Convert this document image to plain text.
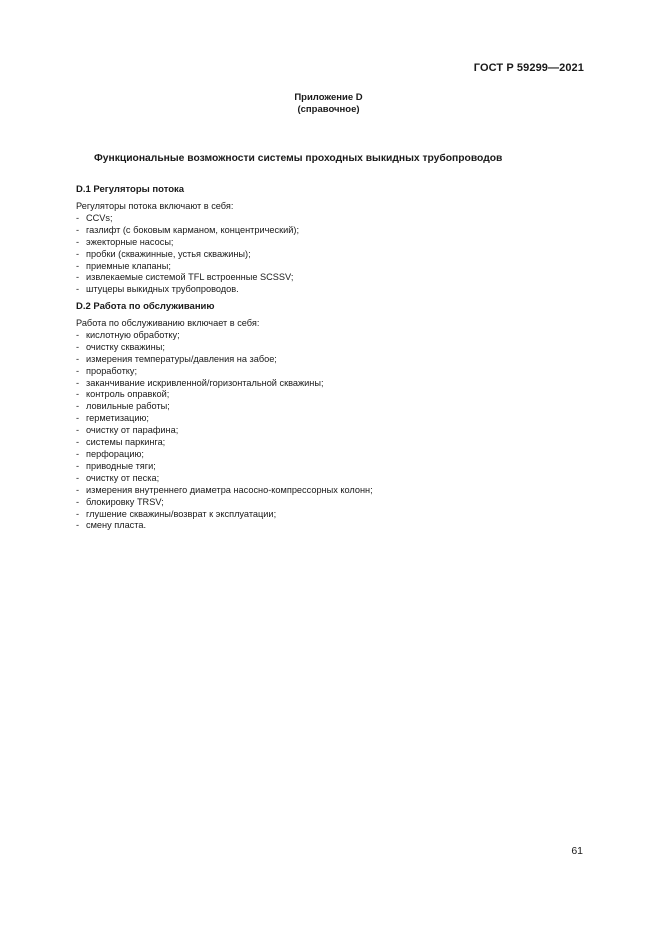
ГОСТ Р 59299—2021
Приложение D
(справочное)
Функциональные возможности системы проходных выкидных трубопроводов
D.1 Регуляторы потока
Регуляторы потока включают в себя:
- CCVs;
- газлифт (с боковым карманом, концентрический);
- эжекторные насосы;
- пробки (скважинные, устья скважины);
- приемные клапаны;
- извлекаемые системой TFL встроенные SCSSV;
- штуцеры выкидных трубопроводов.
D.2 Работа по обслуживанию
Работа по обслуживанию включает в себя:
- кислотную обработку;
- очистку скважины;
- измерения температуры/давления на забое;
- проработку;
- заканчивание искривленной/горизонтальной скважины;
- контроль оправкой;
- ловильные работы;
- герметизацию;
- очистку от парафина;
- системы паркинга;
- перфорацию;
- приводные тяги;
- очистку от песка;
- измерения внутреннего диаметра насосно-компрессорных колонн;
- блокировку TRSV;
- глушение скважины/возврат к эксплуатации;
- смену пласта.
61
